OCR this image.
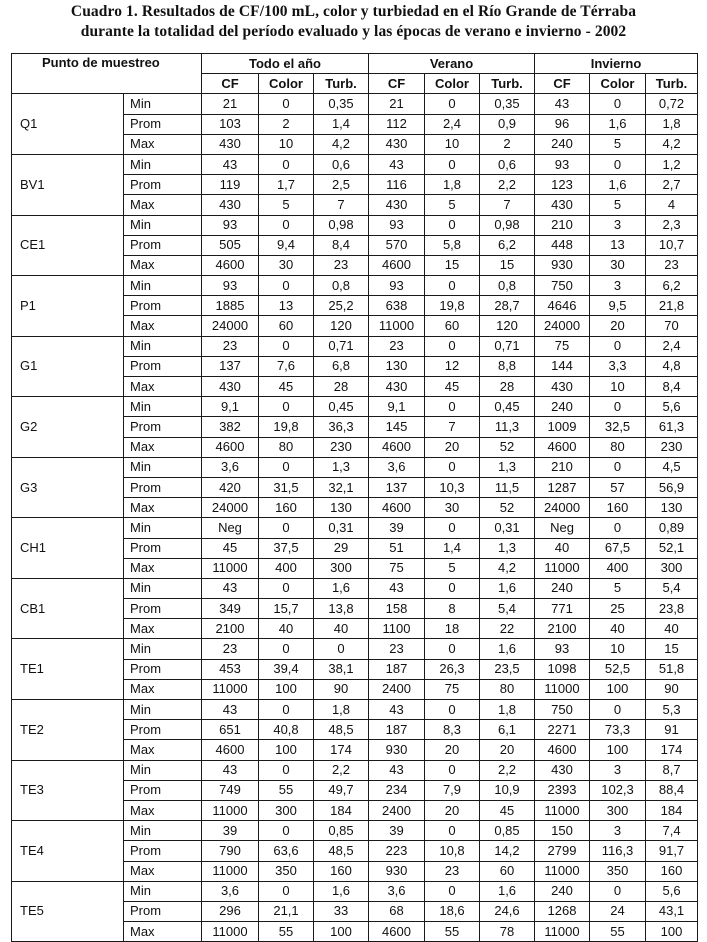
Cuadro 1. Resultados de CF/100 mL, color y turbiedad en el Río Grande de Térraba
durante la totalidad del período evaluado y las épocas de verano e invierno - 2002
Punto de muestreo		Todo el año			Verano			Invierno		
		CF	Color	Turb.	CF	Color	Turb.	CF	Color	Turb.
	Min	21	0	0,35	21	0	0,35	43	0	0,72
Q1	Prom	103	2	1,4	112	2,4	0,9	96	1,6	1,8
	Max	430	10	4,2	430	10	2	240	5	4,2
	Min	43	0	0,6	43	0	0,6	93	0	1,2
BV1	Prom	119	1,7	2,5	116	1,8	2,2	123	1,6	2,7
	Max	430	5	7	430	5	7	430	5	4
	Min	93	0	0,98	93	0	0,98	210	3	2,3
CE1	Prom	505	9,4	8,4	570	5,8	6,2	448	13	10,7
	Max	4600	30	23	4600	15	15	930	30	23
	Min	93	0	0,8	93	0	0,8	750	3	6,2
P1	Prom	1885	13	25,2	638	19,8	28,7	4646	9,5	21,8
	Max	24000	60	120	11000	60	120	24000	20	70
	Min	23	0	0,71	23	0	0,71	75	0	2,4
G1	Prom	137	7,6	6,8	130	12	8,8	144	3,3	4,8
	Max	430	45	28	430	45	28	430	10	8,4
	Min	9,1	0	0,45	9,1	0	0,45	240	0	5,6
G2	Prom	382	19,8	36,3	145	7	11,3	1009	32,5	61,3
	Max	4600	80	230	4600	20	52	4600	80	230
	Min	3,6	0	1,3	3,6	0	1,3	210	0	4,5
G3	Prom	420	31,5	32,1	137	10,3	11,5	1287	57	56,9
	Max	24000	160	130	4600	30	52	24000	160	130
	Min	Neg	0	0,31	39	0	0,31	Neg	0	0,89
CH1	Prom	45	37,5	29	51	1,4	1,3	40	67,5	52,1
	Max	11000	400	300	75	5	4,2	11000	400	300
	Min	43	0	1,6	43	0	1,6	240	5	5,4
CB1	Prom	349	15,7	13,8	158	8	5,4	771	25	23,8
	Max	2100	40	40	1100	18	22	2100	40	40
	Min	23	0	0	23	0	1,6	93	10	15
TE1	Prom	453	39,4	38,1	187	26,3	23,5	1098	52,5	51,8
	Max	11000	100	90	2400	75	80	11000	100	90
	Min	43	0	1,8	43	0	1,8	750	0	5,3
TE2	Prom	651	40,8	48,5	187	8,3	6,1	2271	73,3	91
	Max	4600	100	174	930	20	20	4600	100	174
	Min	43	0	2,2	43	0	2,2	430	3	8,7
TE3	Prom	749	55	49,7	234	7,9	10,9	2393	102,3	88,4
	Max	11000	300	184	2400	20	45	11000	300	184
	Min	39	0	0,85	39	0	0,85	150	3	7,4
TE4	Prom	790	63,6	48,5	223	10,8	14,2	2799	116,3	91,7
	Max	11000	350	160	930	23	60	11000	350	160
	Min	3,6	0	1,6	3,6	0	1,6	240	0	5,6
TE5	Prom	296	21,1	33	68	18,6	24,6	1268	24	43,1
	Max	11000	55	100	4600	55	78	11000	55	100
